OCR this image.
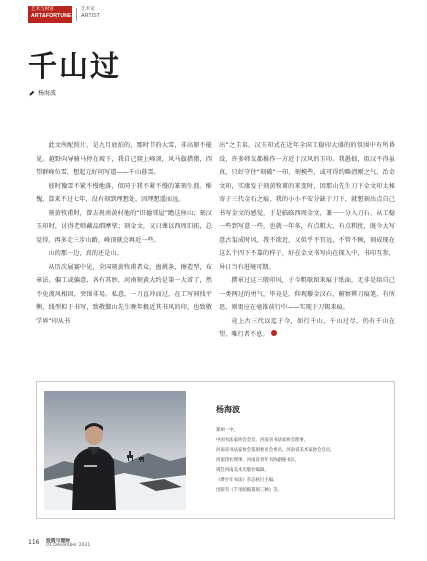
艺术与财富
ART&FORTUNE
艺术家
ARTIST
千山过
杨海波

此文所配照片，是九月底拍的，那时节的大雪，非高原不能见。越野向导骑马停在坡下，我自己爬上峰顶，风马旗猎猎，四望群峰负雪，想起元好问写道——千山暮雪。

彼时豫雪不紧不慢地落，似同于我不紧不慢的篆刻生涯。惭愧，算来不过七年，没有刻到理想处，因理想遥而远。

刻黄牧甫时，曾去祝南黄村他的“旧德邻屋”瞻这座山；刻汉玉印时，讨得老师藏品细摩挲；刻金文，又日课以西周旧拓，总觉得，再多走三步山路，峰顶就会再近一些。

山的那一边，真的还是山。

从历次展赛中见，全国刻黄牧甫者众，蛊挑条，擦造型，布章法，偏工或偏意，各有其妙，河南刻黄大约是第一大省了，然不免流风相因，突围非易。私意，一刀直冲而过，在工写间找平衡，线型拟于书写，致敬鄞山先生晚年极近其书风的印，也致敬学界“印从书

出”之圭臬，汉玉印式在近年全国工稳印大盛的的氛围中有所昏没，许多师友都推作一方近于汉风的玉印。我愚拙，拟汉不得虽真，只好守住“刻破”一印，刻模些，或可得约略清刚之气，治金文印，实缘发于刻黄牧甫的来变时，因那山先生刀下金文印太秘寄于三代金石之痕，我的小小不安分缺于刀下，就想刻出点自己书写金文的感觉，于是临临西周金文，兼一一分入刀石，从工稳一些到写意一些，也就一年多，有点粗大，有点粗扰，既今大写意古玺成时风，我不欲近，又似乎不宜远，不管不顾，刻成现在这么个四下不靠的样子，好在金文书写向在探入中，书印互参，异日当有进境可期。

撰章过这三般印风，于今粗歇留来痕于纸面，无非是给自己一类两过的勇气，毕竟是，仰观藜金汉石，俯察辨刀痕笔，有所思，则更应在毫锥前行中——实现于刀锡来痕。

竟上古三代以迄于今，如行千山，千山过尽，仍有千山在望，唯行者不息。

杨海波
郑州一中，
中国书法家协会会员，河南省书法家协会理事，
河南省书法家协会篆刻委员会委员，河南省美术家协会会员，
河南印社理事，河南省青年书协副秘书长，
现任河南美术出版社编辑。
《费少年书法》杂志执行主编。
出版有《千里暗殿篆刻三种》等。
116 投资与理财
01 December 2021
